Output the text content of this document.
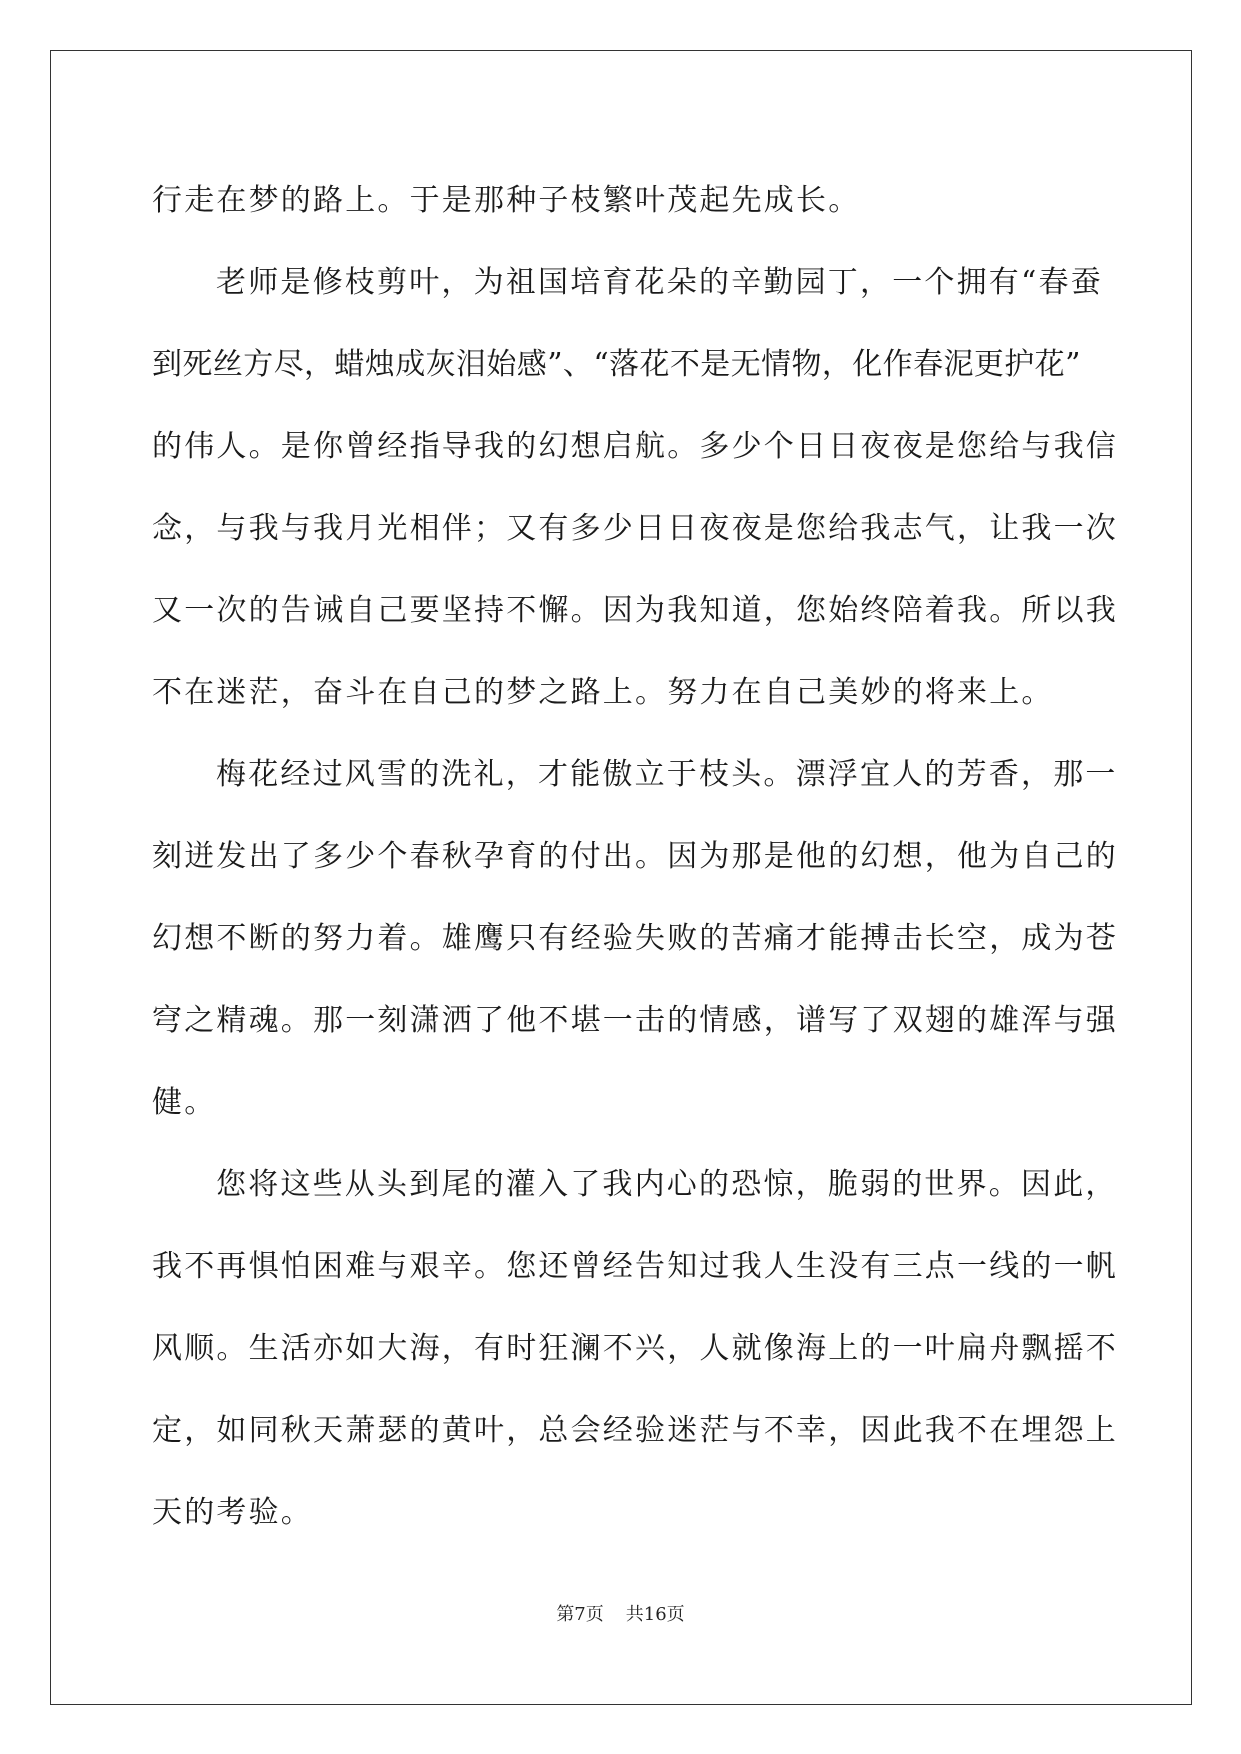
行走在梦的路上。于是那种子枝繁叶茂起先成长。
老师是修枝剪叶，为祖国培育花朵的辛勤园丁，一个拥有“春蚕
到死丝方尽，蜡烛成灰泪始感”、“落花不是无情物，化作春泥更护花”
的伟人。是你曾经指导我的幻想启航。多少个日日夜夜是您给与我信
念，与我与我月光相伴；又有多少日日夜夜是您给我志气，让我一次
又一次的告诫自己要坚持不懈。因为我知道，您始终陪着我。所以我
不在迷茫，奋斗在自己的梦之路上。努力在自己美妙的将来上。
梅花经过风雪的洗礼，才能傲立于枝头。漂浮宜人的芳香，那一
刻迸发出了多少个春秋孕育的付出。因为那是他的幻想，他为自己的
幻想不断的努力着。雄鹰只有经验失败的苦痛才能搏击长空，成为苍
穹之精魂。那一刻潇洒了他不堪一击的情感，谱写了双翅的雄浑与强
健。
您将这些从头到尾的灌入了我内心的恐惊，脆弱的世界。因此，
我不再惧怕困难与艰辛。您还曾经告知过我人生没有三点一线的一帆
风顺。生活亦如大海，有时狂澜不兴，人就像海上的一叶扁舟飘摇不
定，如同秋天萧瑟的黄叶，总会经验迷茫与不幸，因此我不在埋怨上
天的考验。
第7页 共16页
